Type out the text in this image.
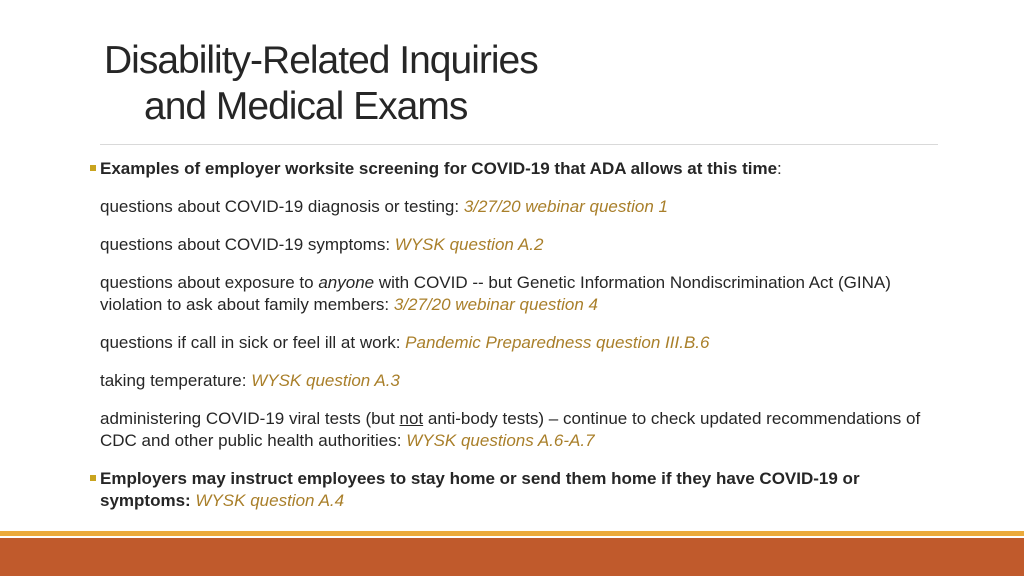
Disability-Related Inquiries
and Medical Exams
Examples of employer worksite screening for COVID-19 that ADA allows at this time:
questions about COVID-19 diagnosis or testing: 3/27/20 webinar question 1
questions about COVID-19 symptoms: WYSK question A.2
questions about exposure to anyone with COVID -- but Genetic Information Nondiscrimination Act (GINA) violation to ask about family members: 3/27/20 webinar question 4
questions if call in sick or feel ill at work: Pandemic Preparedness question III.B.6
taking temperature: WYSK question A.3
administering COVID-19 viral tests (but not anti-body tests) – continue to check updated recommendations of CDC and other public health authorities: WYSK questions A.6-A.7
Employers may instruct employees to stay home or send them home if they have COVID-19 or symptoms: WYSK question A.4
